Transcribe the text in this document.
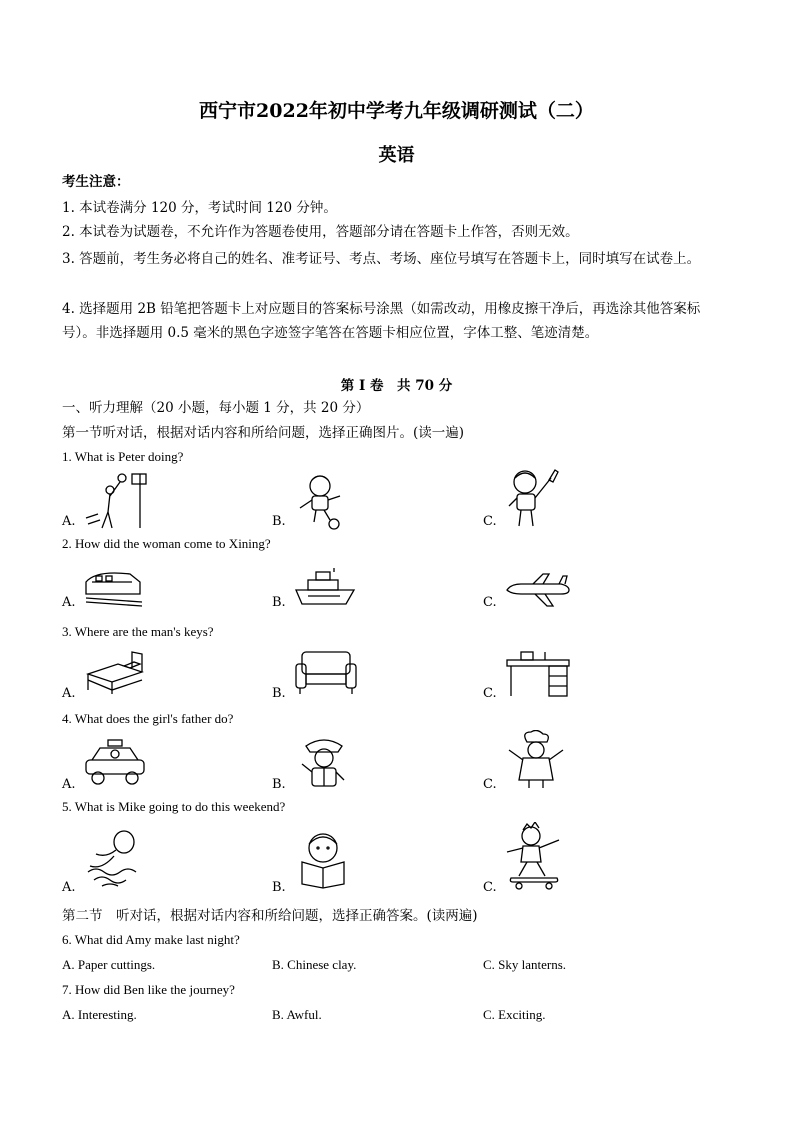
西宁市2022年初中学考九年级调研测试（二）
英语
考生注意：
1. 本试卷满分 120 分，考试时间 120 分钟。
2. 本试卷为试题卷，不允许作为答题卷使用，答题部分请在答题卡上作答，否则无效。
3. 答题前，考生务必将自己的姓名、准考证号、考点、考场、座位号填写在答题卡上，同时填写在试卷上。
4. 选择题用 2B 铅笔把答题卡上对应题目的答案标号涂黑（如需改动，用橡皮擦干净后，再选涂其他答案标号）。非选择题用 0.5 毫米的黑色字迹签字笔答在答题卡相应位置，字体工整、笔迹清楚。
第 I 卷　共 70 分
一、听力理解（20 小题，每小题 1 分，共 20 分）
第一节听对话，根据对话内容和所给问题，选择正确图片。(读一遍)
1. What is Peter doing?
A.	B.	C.
2. How did the woman come to Xining?
A.	B.	C.
3. Where are the man's keys?
A.	B.	C.
4. What does the girl's father do?
A.	B.	C.
5. What is Mike going to do this weekend?
A.	B.	C.
第二节　听对话，根据对话内容和所给问题，选择正确答案。(读两遍)
6. What did Amy make last night?
A. Paper cuttings.	B. Chinese clay.	C. Sky lanterns.
7. How did Ben like the journey?
A. Interesting.	B. Awful.	C. Exciting.
